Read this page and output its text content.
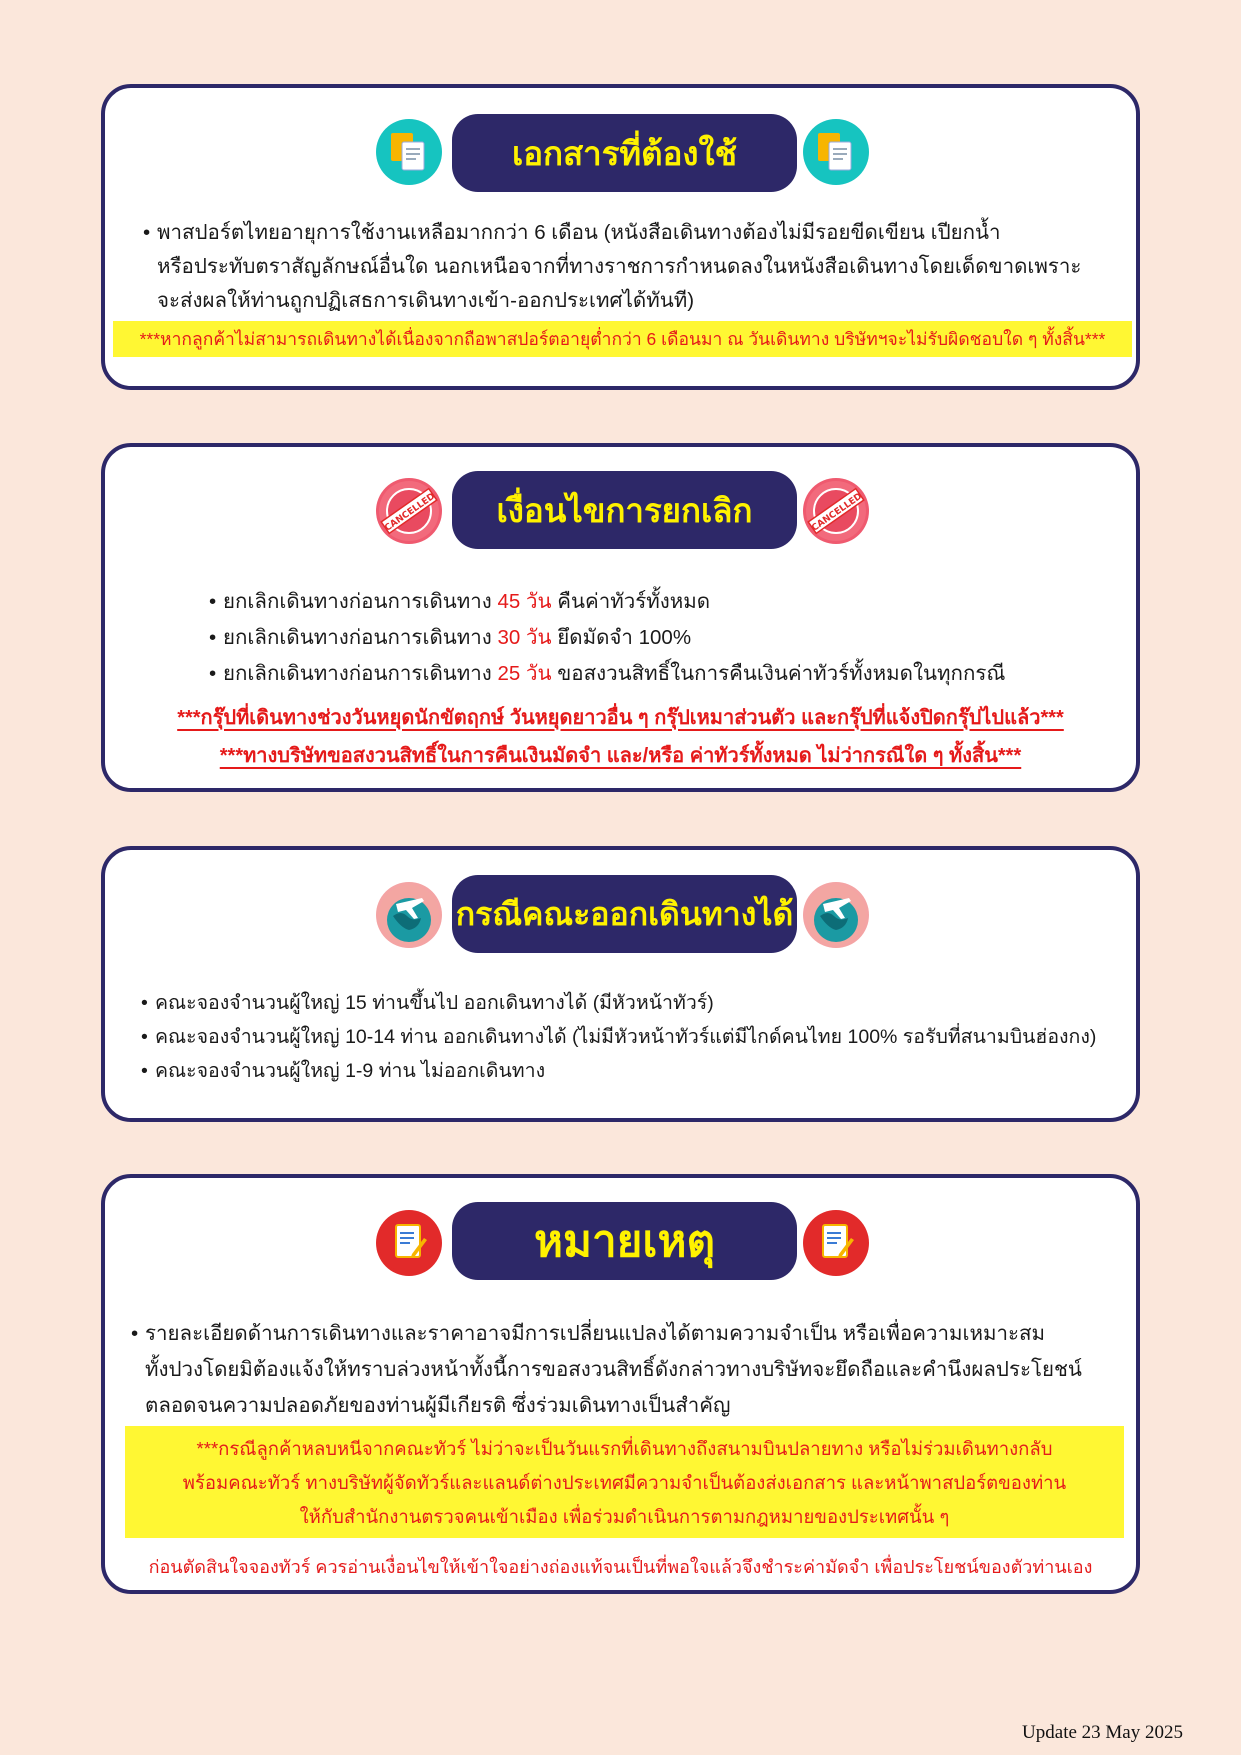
เอกสารที่ต้องใช้
• พาสปอร์ตไทยอายุการใช้งานเหลือมากกว่า 6 เดือน (หนังสือเดินทางต้องไม่มีรอยขีดเขียน เปียกน้ำ
หรือประทับตราสัญลักษณ์อื่นใด นอกเหนือจากที่ทางราชการกำหนดลงในหนังสือเดินทางโดยเด็ดขาดเพราะ
จะส่งผลให้ท่านถูกปฏิเสธการเดินทางเข้า-ออกประเทศได้ทันที)
***หากลูกค้าไม่สามารถเดินทางได้เนื่องจากถือพาสปอร์ตอายุต่ำกว่า 6 เดือนมา ณ วันเดินทาง บริษัทฯจะไม่รับผิดชอบใด ๆ ทั้งสิ้น***
CANCELLED	เงื่อนไขการยกเลิก	CANCELLED
• ยกเลิกเดินทางก่อนการเดินทาง 45 วัน คืนค่าทัวร์ทั้งหมด
• ยกเลิกเดินทางก่อนการเดินทาง 30 วัน ยึดมัดจำ 100%
• ยกเลิกเดินทางก่อนการเดินทาง 25 วัน ขอสงวนสิทธิ์ในการคืนเงินค่าทัวร์ทั้งหมดในทุกกรณี
***กรุ๊ปที่เดินทางช่วงวันหยุดนักขัตฤกษ์ วันหยุดยาวอื่น ๆ กรุ๊ปเหมาส่วนตัว และกรุ๊ปที่แจ้งปิดกรุ๊ปไปแล้ว***
***ทางบริษัทขอสงวนสิทธิ์ในการคืนเงินมัดจำ และ/หรือ ค่าทัวร์ทั้งหมด ไม่ว่ากรณีใด ๆ ทั้งสิ้น***
กรณีคณะออกเดินทางได้
• คณะจองจำนวนผู้ใหญ่ 15 ท่านขึ้นไป ออกเดินทางได้ (มีหัวหน้าทัวร์)
• คณะจองจำนวนผู้ใหญ่ 10-14 ท่าน ออกเดินทางได้ (ไม่มีหัวหน้าทัวร์แต่มีไกด์คนไทย 100% รอรับที่สนามบินฮ่องกง)
• คณะจองจำนวนผู้ใหญ่ 1-9 ท่าน ไม่ออกเดินทาง
หมายเหตุ
• รายละเอียดด้านการเดินทางและราคาอาจมีการเปลี่ยนแปลงได้ตามความจำเป็น หรือเพื่อความเหมาะสม
ทั้งปวงโดยมิต้องแจ้งให้ทราบล่วงหน้าทั้งนี้การขอสงวนสิทธิ์ดังกล่าวทางบริษัทจะยึดถือและคำนึงผลประโยชน์
ตลอดจนความปลอดภัยของท่านผู้มีเกียรติ ซึ่งร่วมเดินทางเป็นสำคัญ
***กรณีลูกค้าหลบหนีจากคณะทัวร์ ไม่ว่าจะเป็นวันแรกที่เดินทางถึงสนามบินปลายทาง หรือไม่ร่วมเดินทางกลับ
พร้อมคณะทัวร์ ทางบริษัทผู้จัดทัวร์และแลนด์ต่างประเทศมีความจำเป็นต้องส่งเอกสาร และหน้าพาสปอร์ตของท่าน
ให้กับสำนักงานตรวจคนเข้าเมือง เพื่อร่วมดำเนินการตามกฎหมายของประเทศนั้น ๆ
ก่อนตัดสินใจจองทัวร์ ควรอ่านเงื่อนไขให้เข้าใจอย่างถ่องแท้จนเป็นที่พอใจแล้วจึงชำระค่ามัดจำ เพื่อประโยชน์ของตัวท่านเอง
Update 23 May 2025
